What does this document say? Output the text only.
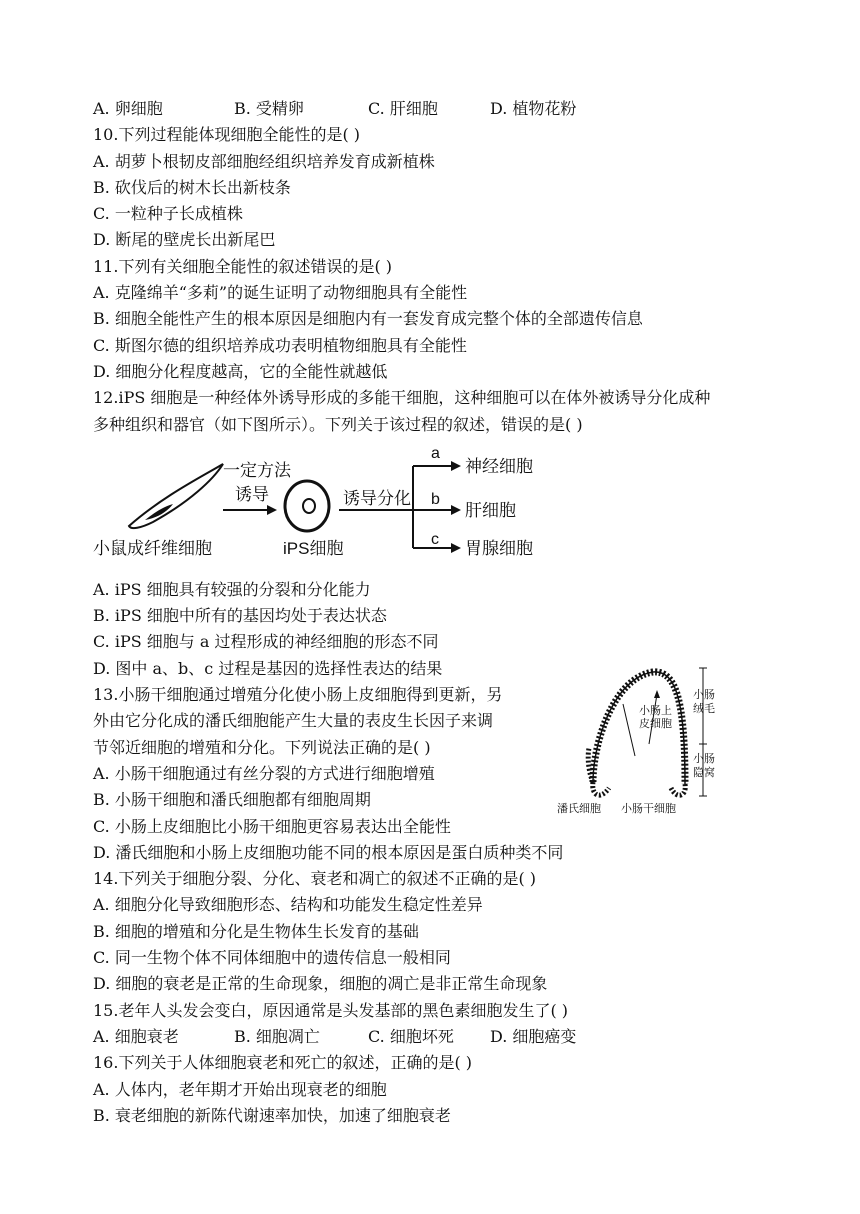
A. 卵细胞	B. 受精卵	C. 肝细胞	D. 植物花粉
10.下列过程能体现细胞全能性的是( )
A. 胡萝卜根韧皮部细胞经组织培养发育成新植株
B. 砍伐后的树木长出新枝条
C. 一粒种子长成植株
D. 断尾的壁虎长出新尾巴
11.下列有关细胞全能性的叙述错误的是( )
A. 克隆绵羊“多莉”的诞生证明了动物细胞具有全能性
B. 细胞全能性产生的根本原因是细胞内有一套发育成完整个体的全部遗传信息
C. 斯图尔德的组织培养成功表明植物细胞具有全能性
D. 细胞分化程度越高，它的全能性就越低
12.iPS 细胞是一种经体外诱导形成的多能干细胞，这种细胞可以在体外被诱导分化成种
多种组织和器官（如下图所示）。下列关于该过程的叙述，错误的是( )
A. iPS 细胞具有较强的分裂和分化能力
B. iPS 细胞中所有的基因均处于表达状态
C. iPS 细胞与 a 过程形成的神经细胞的形态不同
D. 图中 a、b、c 过程是基因的选择性表达的结果
13.小肠干细胞通过增殖分化使小肠上皮细胞得到更新，另
外由它分化成的潘氏细胞能产生大量的表皮生长因子来调
节邻近细胞的增殖和分化。下列说法正确的是( )
A. 小肠干细胞通过有丝分裂的方式进行细胞增殖
B. 小肠干细胞和潘氏细胞都有细胞周期
C. 小肠上皮细胞比小肠干细胞更容易表达出全能性
D. 潘氏细胞和小肠上皮细胞功能不同的根本原因是蛋白质种类不同
14.下列关于细胞分裂、分化、衰老和凋亡的叙述不正确的是( )
A. 细胞分化导致细胞形态、结构和功能发生稳定性差异
B. 细胞的增殖和分化是生物体生长发育的基础
C. 同一生物个体不同体细胞中的遗传信息一般相同
D. 细胞的衰老是正常的生命现象，细胞的凋亡是非正常生命现象
15.老年人头发会变白，原因通常是头发基部的黑色素细胞发生了( )
A. 细胞衰老	B. 细胞凋亡	C. 细胞坏死 D. 细胞癌变
16.下列关于人体细胞衰老和死亡的叙述，正确的是( )
A. 人体内，老年期才开始出现衰老的细胞
B. 衰老细胞的新陈代谢速率加快，加速了细胞衰老
小鼠成纤维细胞
一定方法
诱导
iPS细胞
诱导分化
a
b
c
神经细胞
肝细胞
胃腺细胞
小肠上
皮细胞
小肠
绒毛
小肠
隐窝
潘氏细胞 小肠干细胞
